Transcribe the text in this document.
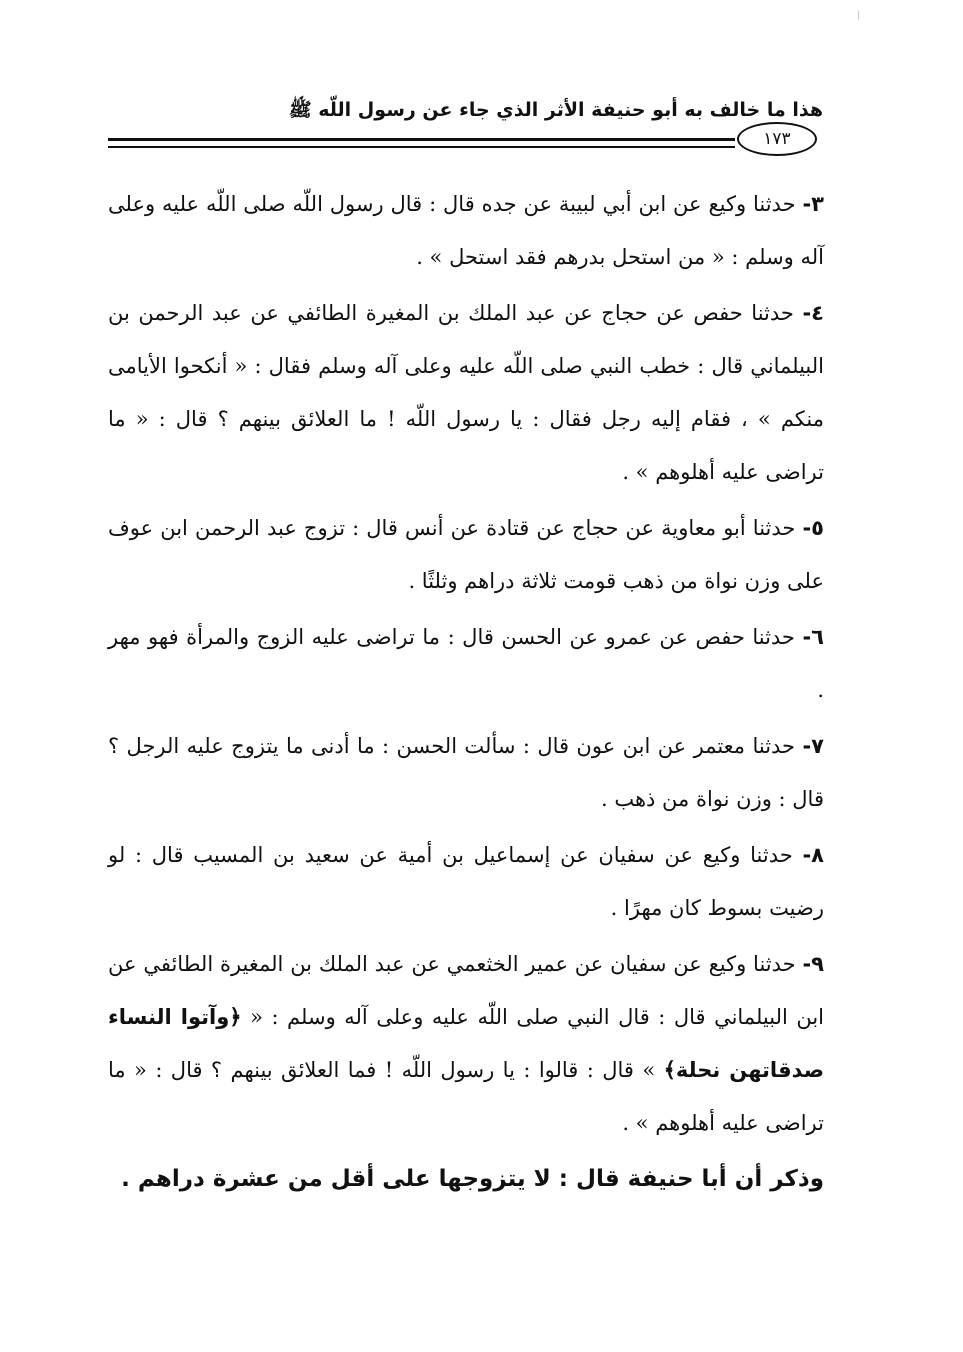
هذا ما خالف به أبو حنيفة الأثر الذي جاء عن رسول اللّه ﷺ
١٧٣

٣- حدثنا وكيع عن ابن أبي لبيبة عن جده قال : قال رسول اللّه صلى اللّه عليه وعلى آله وسلم : « من استحل بدرهم فقد استحل » .

٤- حدثنا حفص عن حجاج عن عبد الملك بن المغيرة الطائفي عن عبد الرحمن بن البيلماني قال : خطب النبي صلى اللّه عليه وعلى آله وسلم فقال : « أنكحوا الأيامى منكم » ، فقام إليه رجل فقال : يا رسول اللّه ! ما العلائق بينهم ؟ قال : « ما تراضى عليه أهلوهم » .

٥- حدثنا أبو معاوية عن حجاج عن قتادة عن أنس قال : تزوج عبد الرحمن ابن عوف على وزن نواة من ذهب قومت ثلاثة دراهم وثلثًا .

٦- حدثنا حفص عن عمرو عن الحسن قال : ما تراضى عليه الزوج والمرأة فهو مهر .

٧- حدثنا معتمر عن ابن عون قال : سألت الحسن : ما أدنى ما يتزوج عليه الرجل ؟ قال : وزن نواة من ذهب .

٨- حدثنا وكيع عن سفيان عن إسماعيل بن أمية عن سعيد بن المسيب قال : لو رضيت بسوط كان مهرًا .

٩- حدثنا وكيع عن سفيان عن عمير الخثعمي عن عبد الملك بن المغيرة الطائفي عن ابن البيلماني قال : قال النبي صلى اللّه عليه وعلى آله وسلم : « ﴿وآتوا النساء صدقاتهن نحلة﴾ » قال : قالوا : يا رسول اللّه ! فما العلائق بينهم ؟ قال : « ما تراضى عليه أهلوهم » .

وذكر أن أبا حنيفة قال : لا يتزوجها على أقل من عشرة دراهم .
